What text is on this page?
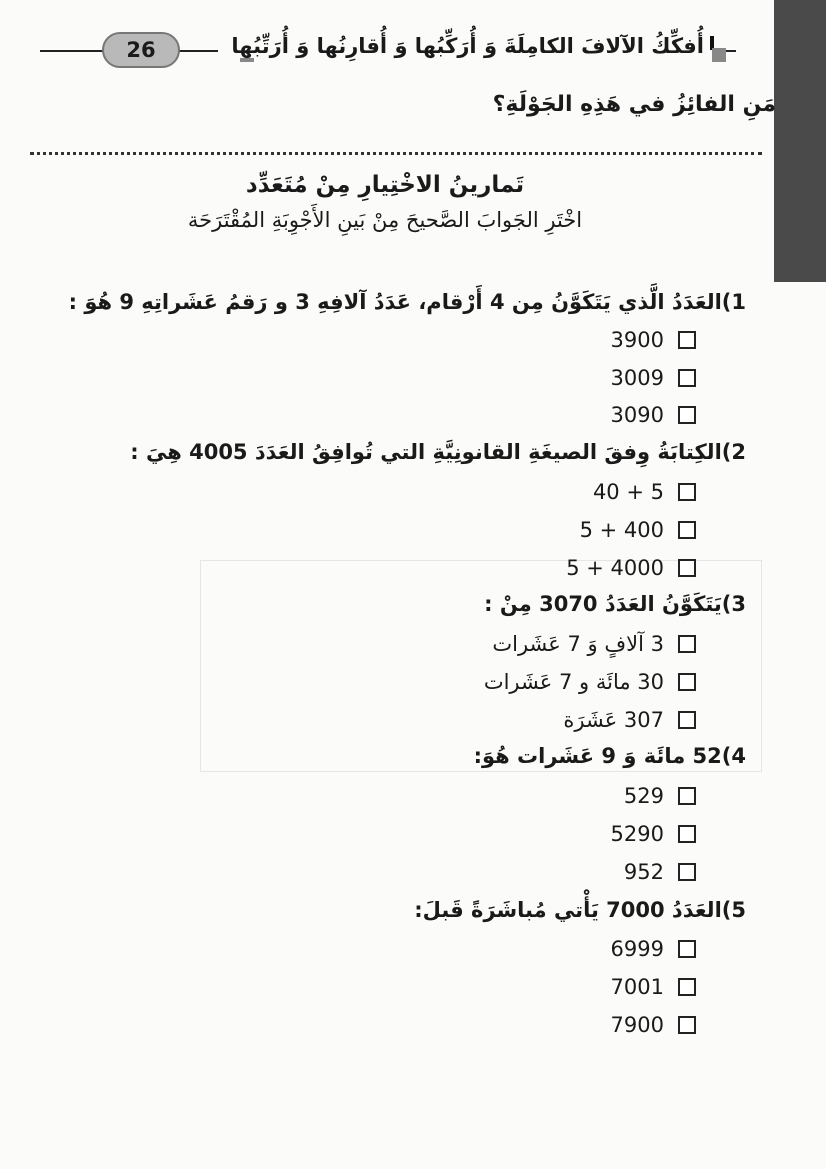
26	أُفكِّكُ الآلافَ الكامِلَةَ وَ أُرَكِّبُها وَ أُقارِنُها وَ أُرَتِّبُها
مَنِ الفائِزُ في هَذِهِ الجَوْلَةِ؟
تَمارينُ الاخْتِيارِ مِنْ مُتَعَدِّد
اخْتَرِ الجَوابَ الصَّحيحَ مِنْ بَينِ الأَجْوِبَةِ المُقْتَرَحَة
1)العَدَدُ الَّذي يَتَكَوَّنُ مِن 4 أَرْقام، عَدَدُ آلافِهِ 3 و رَقمُ عَشَراتِهِ 9 هُوَ :
3900
3009
3090
2)الكِتابَةُ وِفقَ الصيغَةِ القانونِيَّةِ التي تُوافِقُ العَدَدَ 4005 هِيَ :
5 + 40
400 + 5
4000 + 5
3)يَتَكَوَّنُ العَدَدُ 3070 مِنْ :
3 آلافٍ وَ 7 عَشَرات
30 مائَة و 7 عَشَرات
307 عَشَرَة
4)52 مائَة وَ 9 عَشَرات هُوَ:
529
5290
952
5)العَدَدُ 7000 يَأْتي مُباشَرَةً قَبلَ:
6999
7001
7900
